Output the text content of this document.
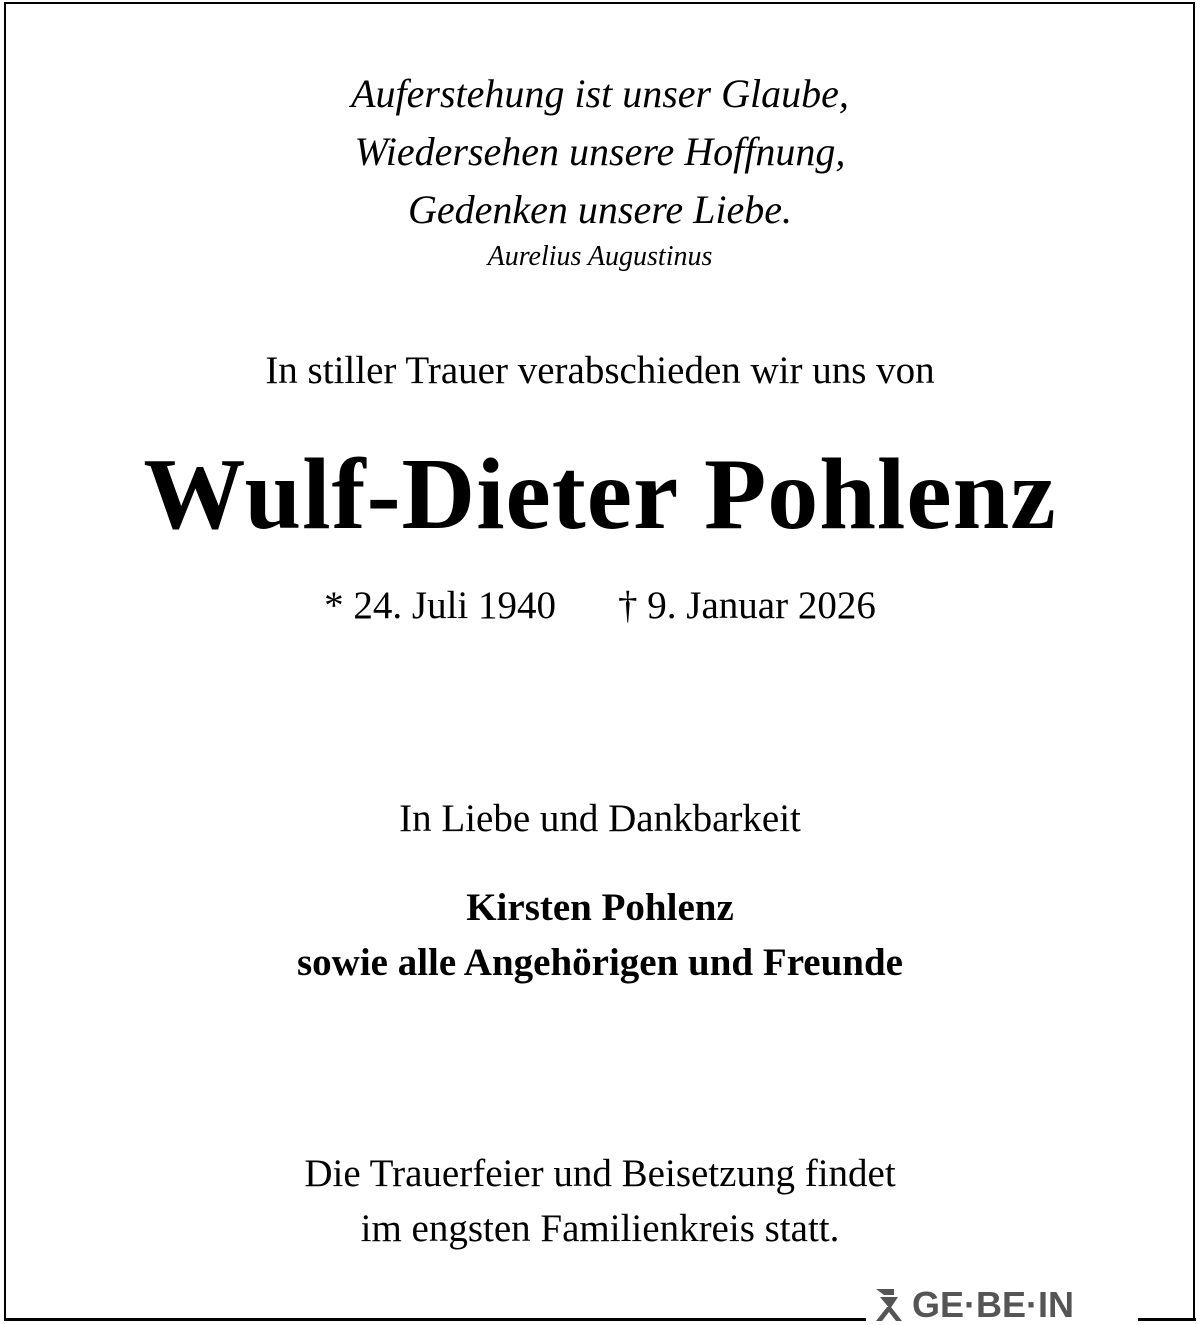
Auferstehung ist unser Glaube,
Wiedersehen unsere Hoffnung,
Gedenken unsere Liebe.
Aurelius Augustinus
In stiller Trauer verabschieden wir uns von
Wulf-Dieter Pohlenz
* 24. Juli 1940 † 9. Januar 2026
In Liebe und Dankbarkeit
Kirsten Pohlenz
sowie alle Angehörigen und Freunde
Die Trauerfeier und Beisetzung findet
im engsten Familienkreis statt.
GE·BE·IN
